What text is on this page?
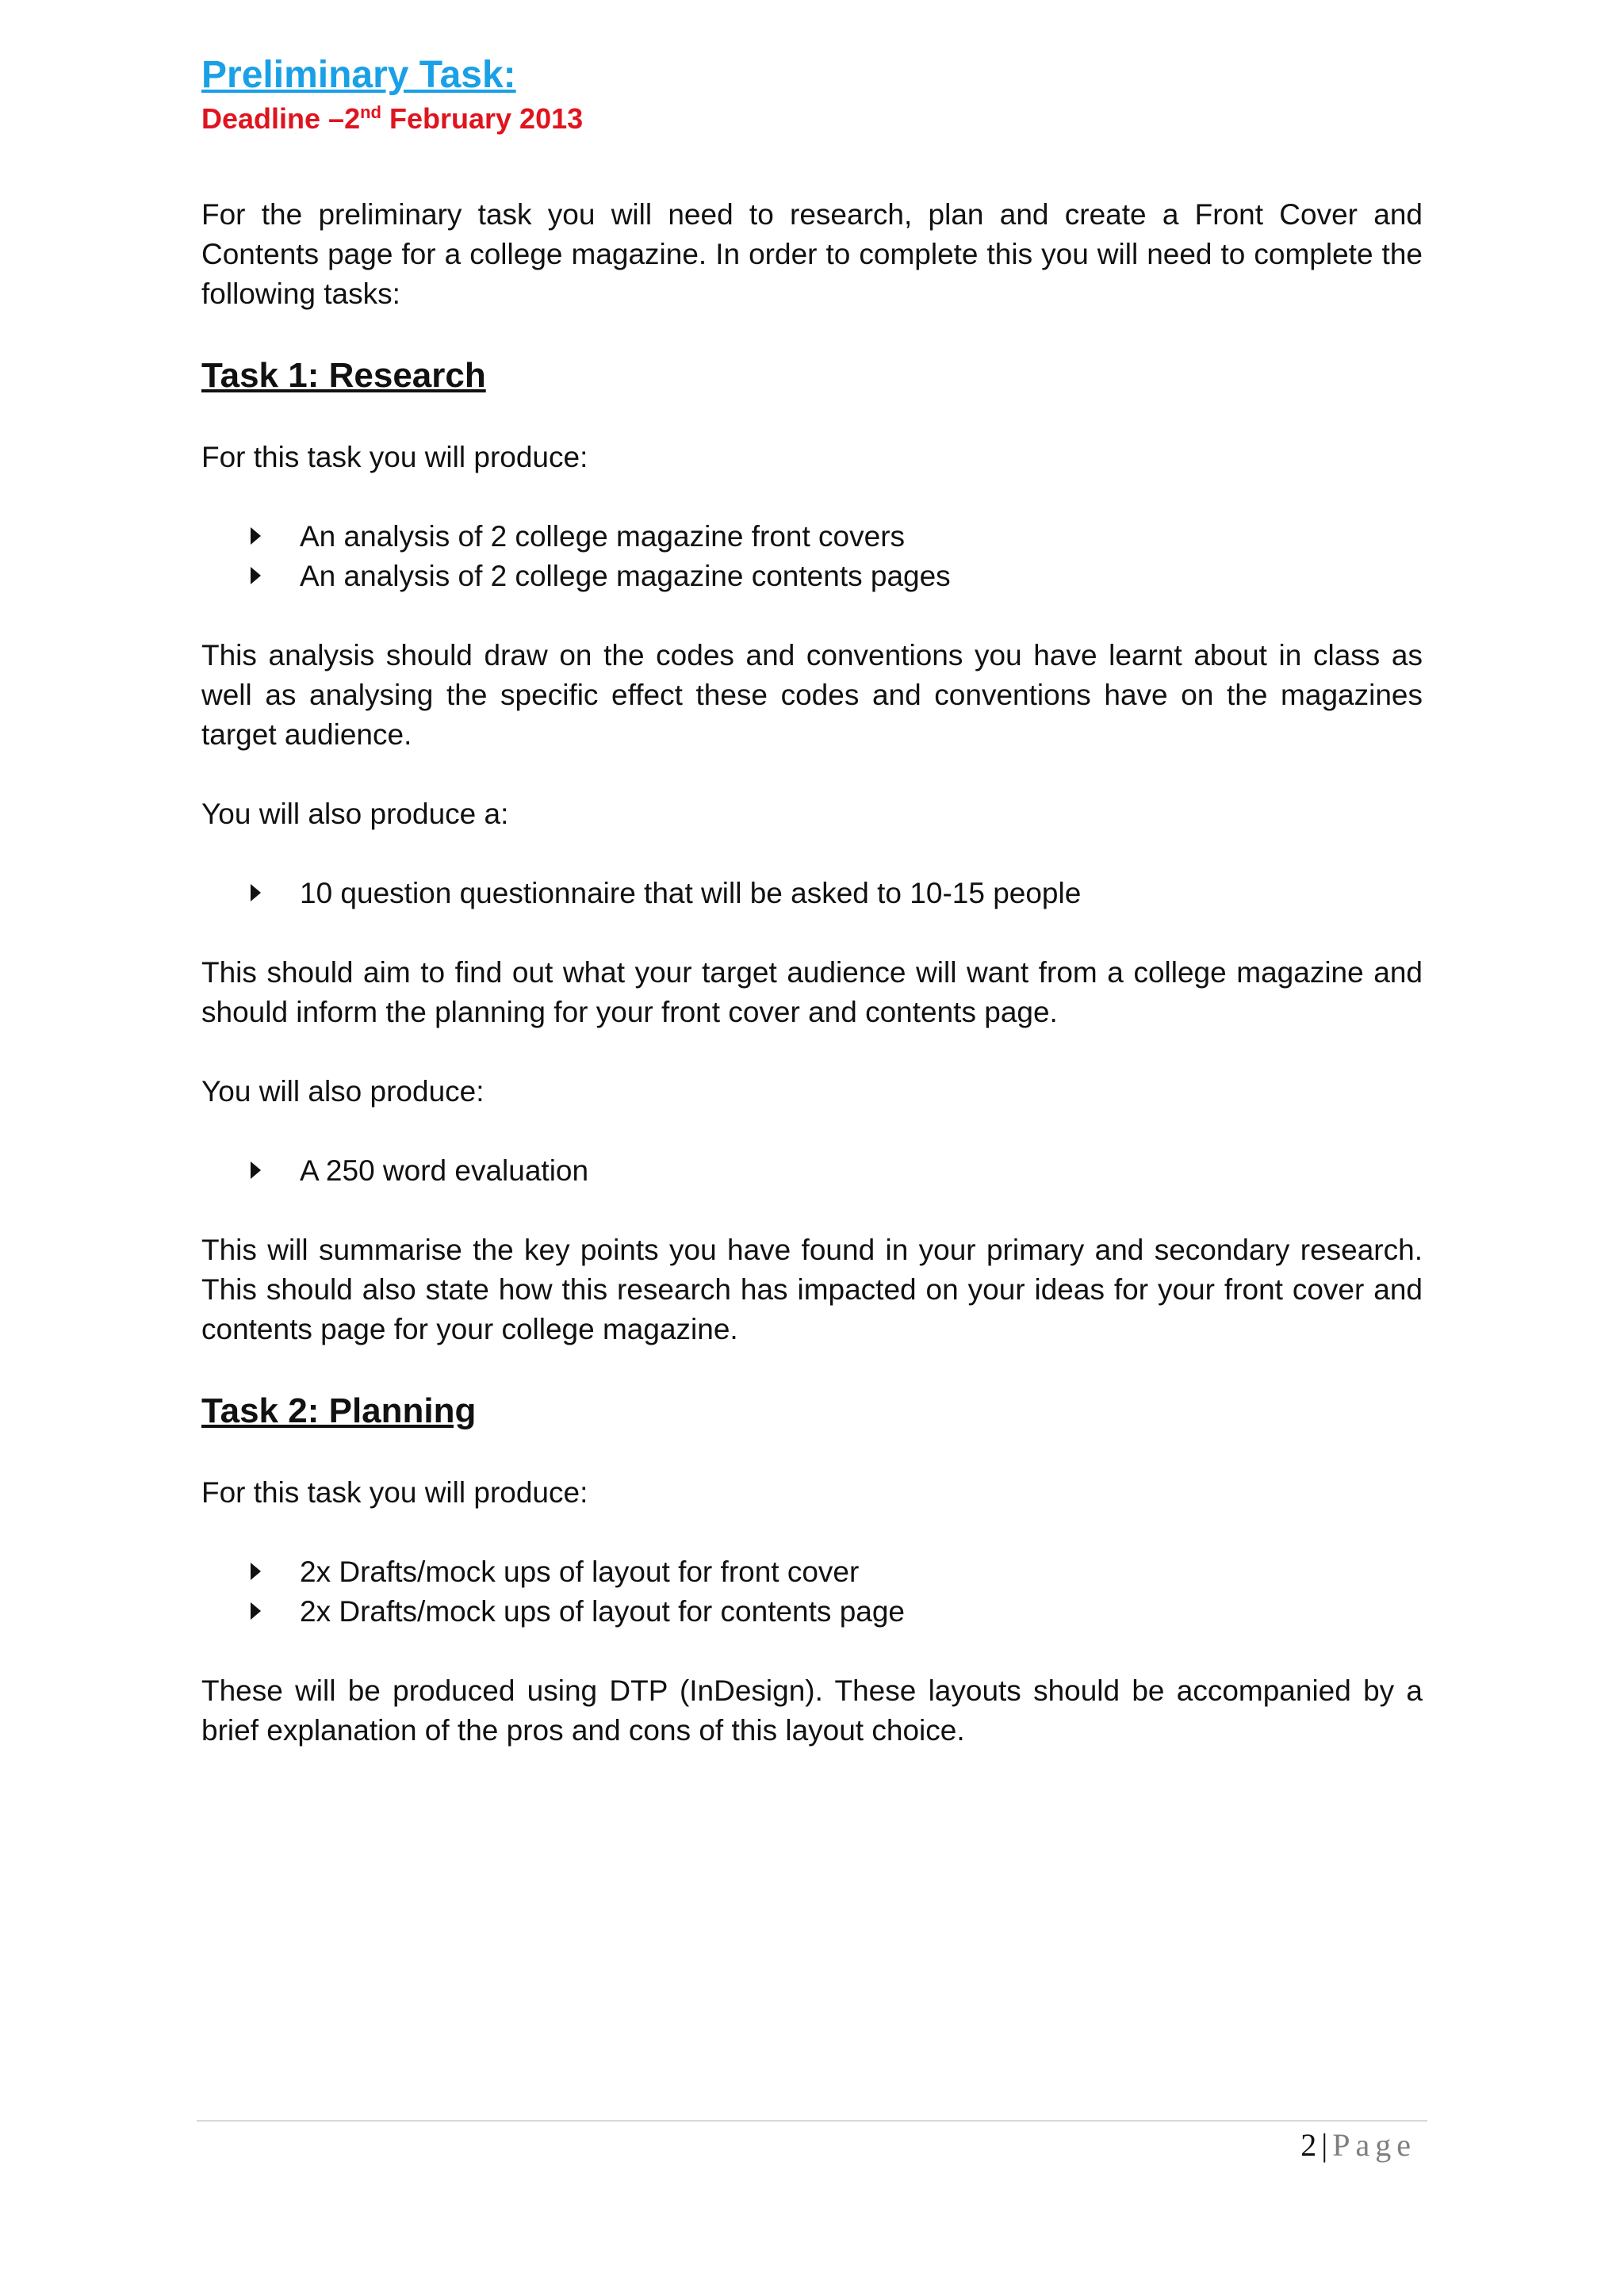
Preliminary Task:
Deadline –2nd February 2013

For the preliminary task you will need to research, plan and create a Front Cover and Contents page for a college magazine. In order to complete this you will need to complete the following tasks:

Task 1: Research

For this task you will produce:

An analysis of 2 college magazine front covers
An analysis of 2 college magazine contents pages

This analysis should draw on the codes and conventions you have learnt about in class as well as analysing the specific effect these codes and conventions have on the magazines target audience.

You will also produce a:

10 question questionnaire that will be asked to 10-15 people

This should aim to find out what your target audience will want from a college magazine and should inform the planning for your front cover and contents page.

You will also produce:

A 250 word evaluation

This will summarise the key points you have found in your primary and secondary research. This should also state how this research has impacted on your ideas for your front cover and contents page for your college magazine.

Task 2: Planning

For this task you will produce:

2x Drafts/mock ups of layout for front cover
2x Drafts/mock ups of layout for contents page

These will be produced using DTP (InDesign). These layouts should be accompanied by a brief explanation of the pros and cons of this layout choice.

2 | Page
